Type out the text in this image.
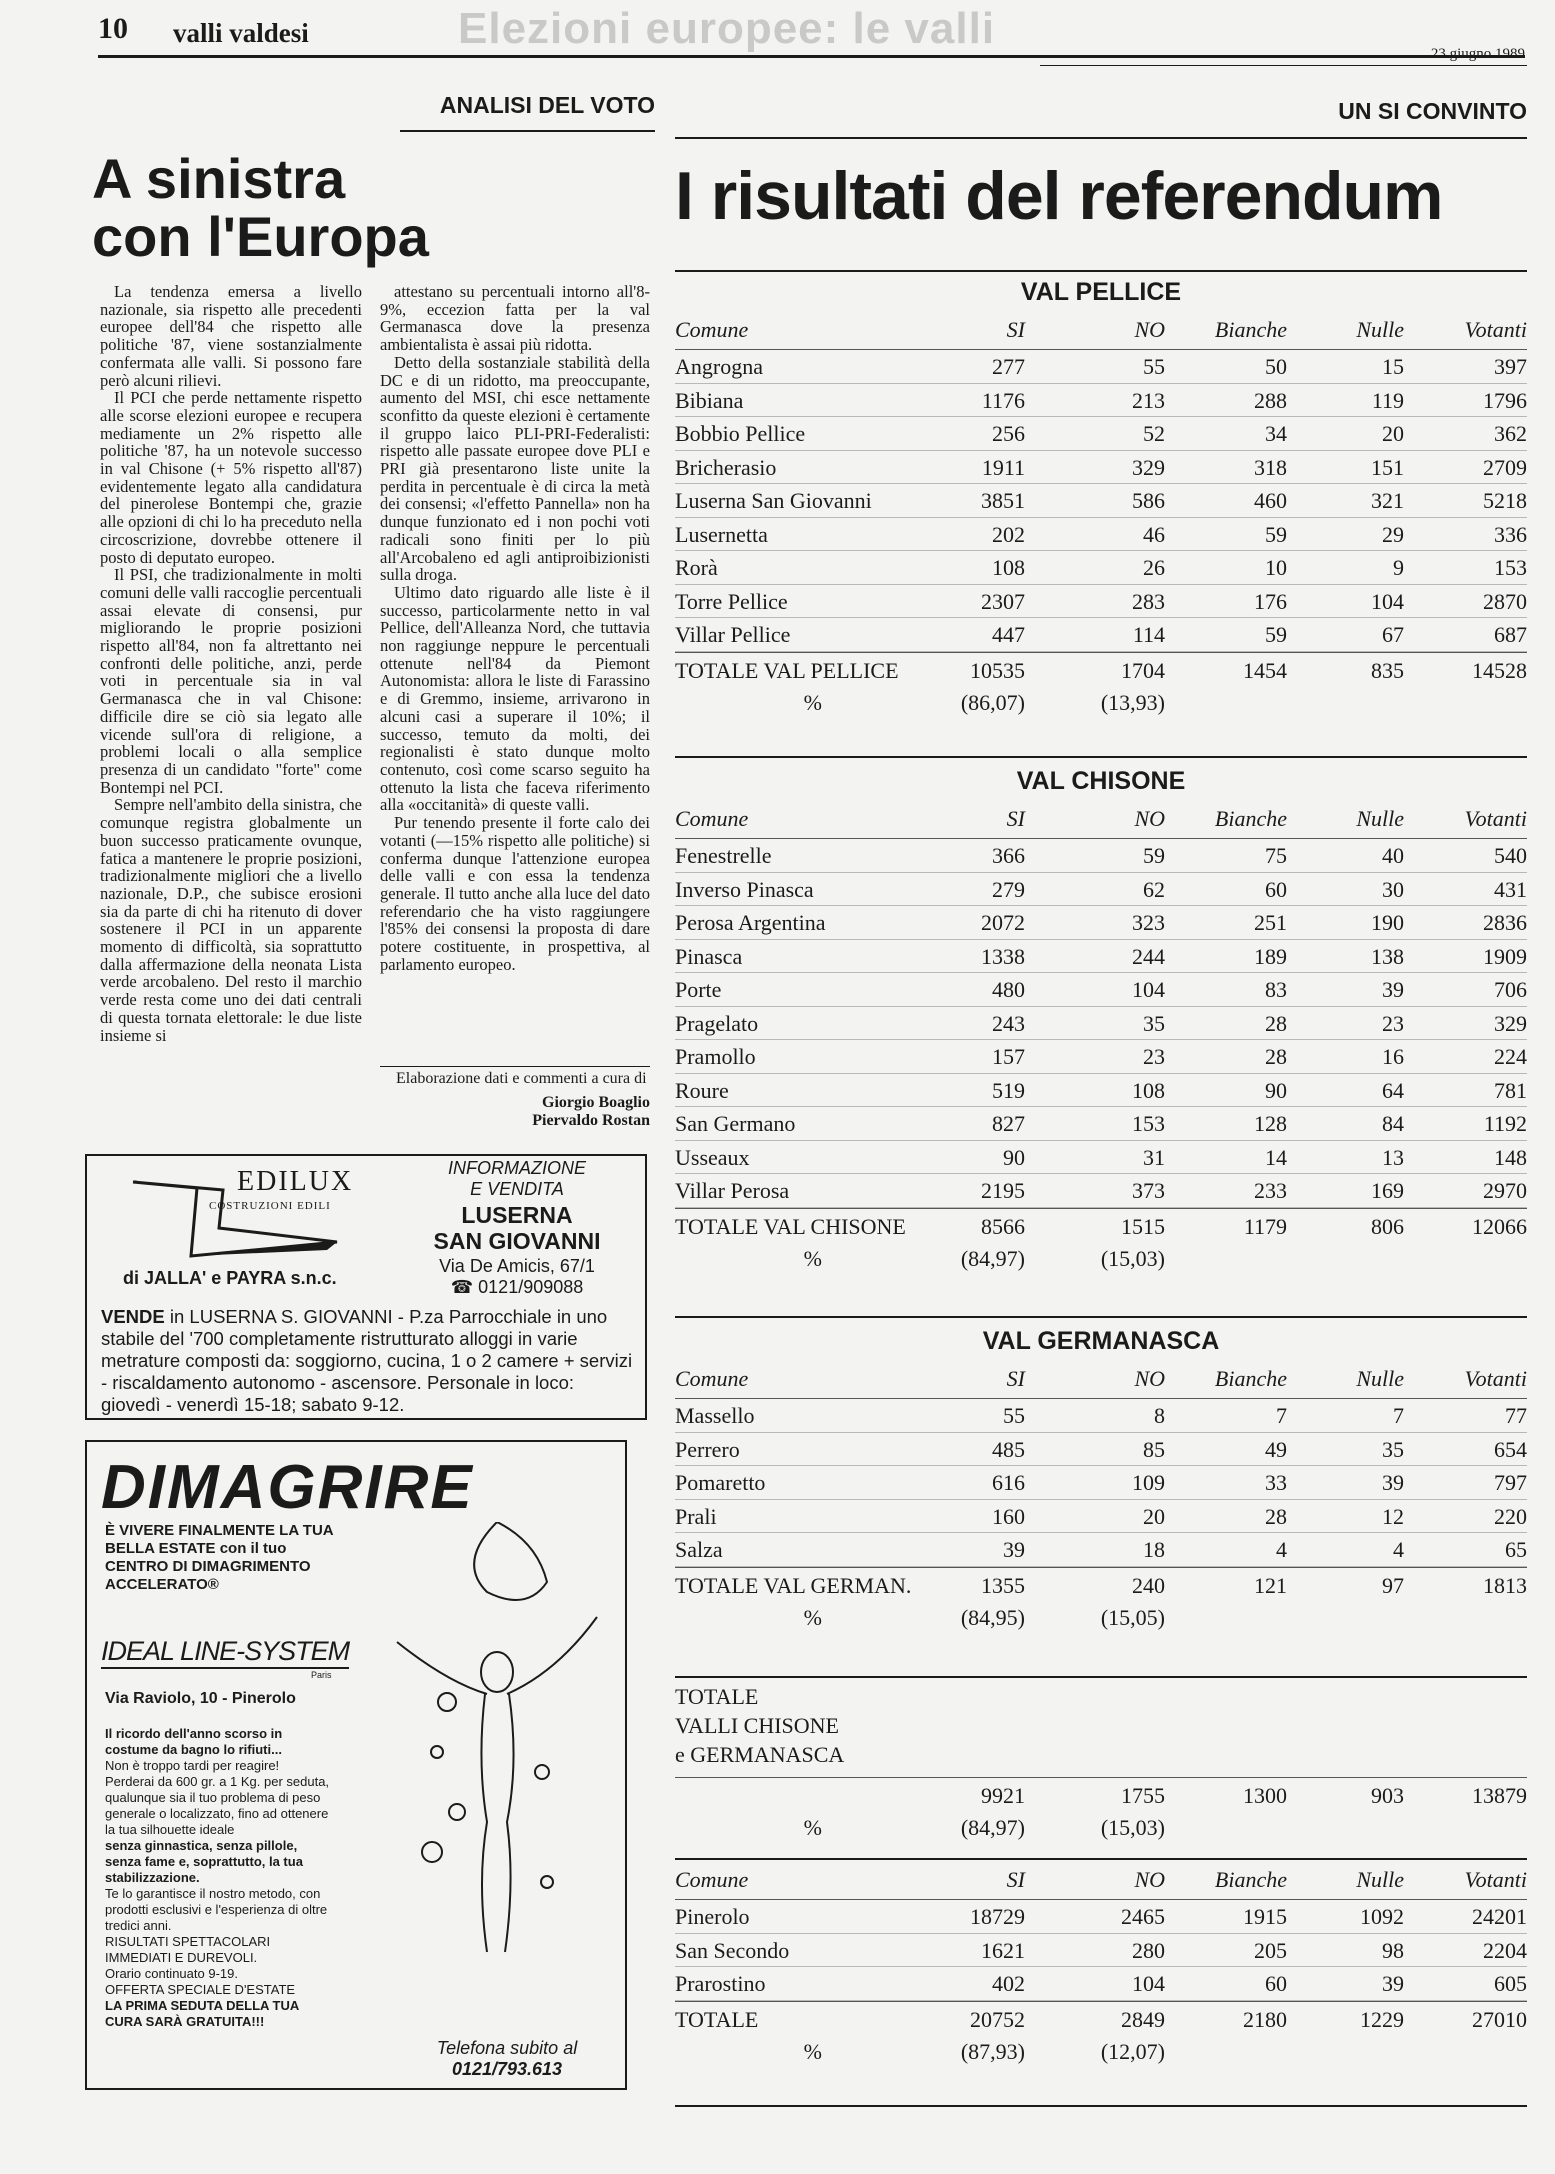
Elezioni europee: le valli
10 valli valdesi
23 giugno 1989
ANALISI DEL VOTO
A sinistra
con l'Europa

La tendenza emersa a livello nazionale, sia rispetto alle precedenti europee dell'84 che rispetto alle politiche '87, viene sostanzialmente confermata alle valli. Si possono fare però alcuni rilievi.

Il PCI che perde nettamente rispetto alle scorse elezioni europee e recupera mediamente un 2% rispetto alle politiche '87, ha un notevole successo in val Chisone (+ 5% rispetto all'87) evidentemente legato alla candidatura del pinerolese Bontempi che, grazie alle opzioni di chi lo ha preceduto nella circoscrizione, dovrebbe ottenere il posto di deputato europeo.

Il PSI, che tradizionalmente in molti comuni delle valli raccoglie percentuali assai elevate di consensi, pur migliorando le proprie posizioni rispetto all'84, non fa altrettanto nei confronti delle politiche, anzi, perde voti in percentuale sia in val Germanasca che in val Chisone: difficile dire se ciò sia legato alle vicende sull'ora di religione, a problemi locali o alla semplice presenza di un candidato "forte" come Bontempi nel PCI.

Sempre nell'ambito della sinistra, che comunque registra globalmente un buon successo praticamente ovunque, fatica a mantenere le proprie posizioni, tradizionalmente migliori che a livello nazionale, D.P., che subisce erosioni sia da parte di chi ha ritenuto di dover sostenere il PCI in un apparente momento di difficoltà, sia soprattutto dalla affermazione della neonata Lista verde arcobaleno. Del resto il marchio verde resta come uno dei dati centrali di questa tornata elettorale: le due liste insieme si

attestano su percentuali intorno all'8-9%, eccezion fatta per la val Germanasca dove la presenza ambientalista è assai più ridotta.

Detto della sostanziale stabilità della DC e di un ridotto, ma preoccupante, aumento del MSI, chi esce nettamente sconfitto da queste elezioni è certamente il gruppo laico PLI-PRI-Federalisti: rispetto alle passate europee dove PLI e PRI già presentarono liste unite la perdita in percentuale è di circa la metà dei consensi; «l'effetto Pannella» non ha dunque funzionato ed i non pochi voti radicali sono finiti per lo più all'Arcobaleno ed agli antiproibizionisti sulla droga.

Ultimo dato riguardo alle liste è il successo, particolarmente netto in val Pellice, dell'Alleanza Nord, che tuttavia non raggiunge neppure le percentuali ottenute nell'84 da Piemont Autonomista: allora le liste di Farassino e di Gremmo, insieme, arrivarono in alcuni casi a superare il 10%; il successo, temuto da molti, dei regionalisti è stato dunque molto contenuto, così come scarso seguito ha ottenuto la lista che faceva riferimento alla «occitanità» di queste valli.

Pur tenendo presente il forte calo dei votanti (—15% rispetto alle politiche) si conferma dunque l'attenzione europea delle valli e con essa la tendenza generale. Il tutto anche alla luce del dato referendario che ha visto raggiungere l'85% dei consensi la proposta di dare potere costituente, in prospettiva, al parlamento europeo.

Elaborazione dati e commenti a cura di
Giorgio Boaglio
Piervaldo Rostan
EDILUX
COSTRUZIONI EDILI
di JALLA' e PAYRA s.n.c.
INFORMAZIONE
E VENDITA
LUSERNA
SAN GIOVANNI
Via De Amicis, 67/1
☎ 0121/909088
VENDE in LUSERNA S. GIOVANNI - P.za Parrocchiale in uno stabile del '700 completamente ristrutturato alloggi in varie metrature composti da: soggiorno, cucina, 1 o 2 camere + servizi - riscaldamento autonomo - ascensore. Personale in loco: giovedì - venerdì 15-18; sabato 9-12.
DIMAGRIRE
È VIVERE FINALMENTE LA TUA BELLA ESTATE con il tuo CENTRO DI DIMAGRIMENTO ACCELERATO®
IDEAL LINE-SYSTEM
Paris
Via Raviolo, 10 - Pinerolo
Il ricordo dell'anno scorso in costume da bagno lo rifiuti...
Non è troppo tardi per reagire! Perderai da 600 gr. a 1 Kg. per seduta, qualunque sia il tuo problema di peso generale o localizzato, fino ad ottenere la tua silhouette ideale
senza ginnastica, senza pillole, senza fame e, soprattutto, la tua stabilizzazione.
Te lo garantisce il nostro metodo, con prodotti esclusivi e l'esperienza di oltre tredici anni.
RISULTATI SPETTACOLARI IMMEDIATI E DUREVOLI.
Orario continuato 9-19.
OFFERTA SPECIALE D'ESTATE
LA PRIMA SEDUTA DELLA TUA CURA SARÀ GRATUITA!!!
Telefona subito al
0121/793.613
UN SI CONVINTO
I risultati del referendum
VAL PELLICE
Comune	SI	NO Bianche	Nulle	Votanti
Angrogna	277	55	50	15	397
Bibiana	1176	213	288	119	1796
Bobbio Pellice	256	52	34	20	362
Bricherasio	1911	329	318	151	2709
Luserna San Giovanni	3851	586	460	321	5218
Lusernetta	202	46	59	29	336
Rorà	108	26	10	9	153
Torre Pellice	2307	283	176	104	2870
Villar Pellice	447	114	59	67	687
TOTALE VAL PELLICE	10535	1704	1454	835	14528
%	(86,07)	(13,93)
VAL CHISONE
Comune	SI	NO Bianche	Nulle	Votanti
Fenestrelle	366	59	75	40	540
Inverso Pinasca	279	62	60	30	431
Perosa Argentina	2072	323	251	190	2836
Pinasca	1338	244	189	138	1909
Porte	480	104	83	39	706
Pragelato	243	35	28	23	329
Pramollo	157	23	28	16	224
Roure	519	108	90	64	781
San Germano	827	153	128	84	1192
Usseaux	90	31	14	13	148
Villar Perosa	2195	373	233	169	2970
TOTALE VAL CHISONE	8566	1515	1179	806	12066
%	(84,97)	(15,03)
VAL GERMANASCA
Comune	SI	NO Bianche	Nulle	Votanti
Massello	55	8	7	7	77
Perrero	485	85	49	35	654
Pomaretto	616	109	33	39	797
Prali	160	20	28	12	220
Salza	39	18	4	4	65
TOTALE VAL GERMAN.	1355	240	121	97	1813
%	(84,95)	(15,05)
TOTALE
VALLI CHISONE
e GERMANASCA
9921	1755	1300	903	13879
%	(84,97)	(15,03)
Comune	SI	NO Bianche	Nulle	Votanti
Pinerolo	18729	2465	1915	1092	24201
San Secondo	1621	280	205	98	2204
Prarostino	402	104	60	39	605
TOTALE	20752	2849	2180	1229	27010
%	(87,93)	(12,07)
